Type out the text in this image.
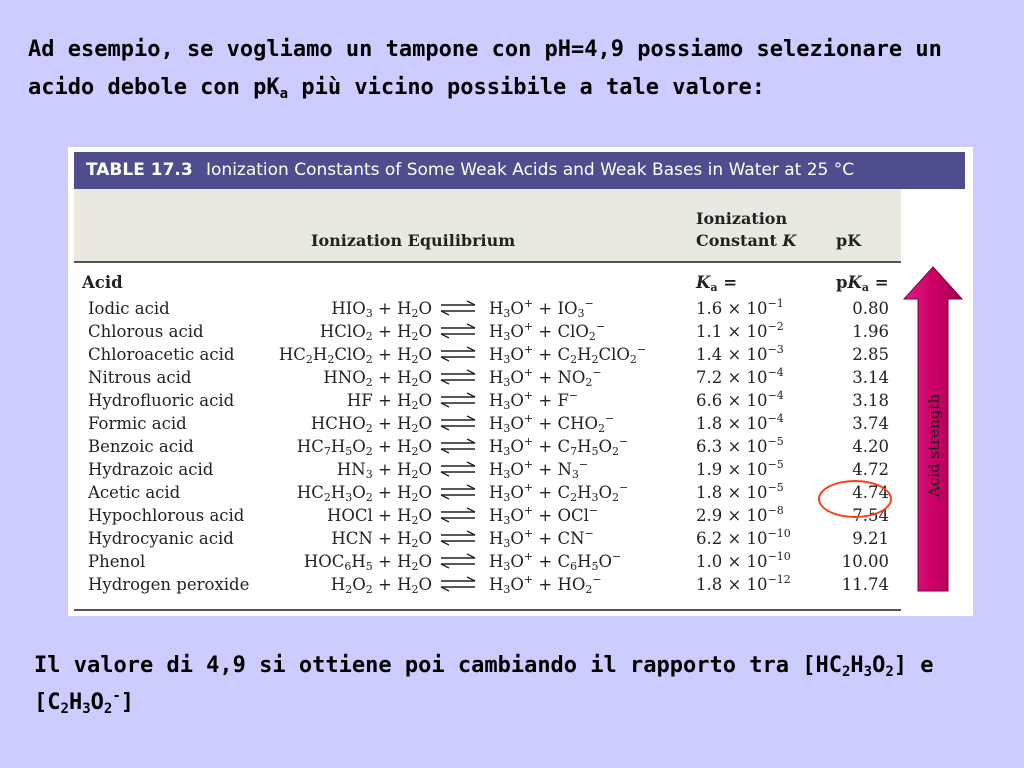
Ad esempio, se vogliamo un tampone con pH=4,9 possiamo selezionare un acido debole con $pK_a$ più vicino possibile a tale valore:

TABLE 17.3 Ionization Constants of Some Weak Acids and Weak Bases in Water at 25 °C
Ionization Equilibrium
Ionization
Constant K pK
Acid	$K_a$ =	$pK_a$ =
Iodic acid	$HIO_3 + H_2O$	$H_3O^+ + IO_3^-$	$1.6 \times 10^{-1}$	0.80
Chlorous acid	HClO$_2$ + $H_2O$	$H_3O^+ + ClO_2^-$	$1.1 \times 10^{-2}$	1.96
Chloroacetic acid	$HC_2H_2ClO_2 + H_2O$	$H_3O^+ + C_2H_2ClO_2^-$	$1.4 \times 10^{-3}$	2.85
Nitrous acid	$HNO_2 + H_2O$	$H_3O^+ + NO_2^-$	$7.2 \times 10^{-4}$	3.14
Hydrofluoric acid	HF + $H_2O$	$H_3O^+ + F^-$	$6.6 \times 10^{-4}$	3.18
Formic acid	$HCHO_2 + H_2O$	$H_3O^+ + CHO_2^-$	$1.8 \times 10^{-4}$	3.74
Benzoic acid	$HC_7H_5O_2 + H_2O$	$H_3O^+ + C_7H_5O_2^-$	$6.3 \times 10^{-5}$	4.20
Hydrazoic acid	$HN_3 + H_2O$	$H_3O^+ + N_3^-$	$1.9 \times 10^{-5}$	4.72
Acetic acid	$HC_2H_3O_2 + H_2O$	$H_3O^+ + C_2H_3O_2^-$	$1.8 \times 10^{-5}$	4.74
Hypochlorous acid	HOCl + $H_2O$	$H_3O^+ + OCl^-$	$2.9 \times 10^{-8}$	7.54
Hydrocyanic acid	HCN + $H_2O$	$H_3O^+ + CN^-$	$6.2 \times 10^{-10}$	9.21
Phenol	$HOC_6H_5 + H_2O$	$H_3O^+ + C_6H_5O^-$	$1.0 \times 10^{-10}$	10.00
Hydrogen peroxide	$H_2O_2 + H_2O$	$H_3O^+ + HO_2^-$	$1.8 \times 10^{-12}$	11.74
Acid strength

Il valore di 4,9 si ottiene poi cambiando il rapporto tra $[HC_2H_3O_2]$ e $[C_2H_3O_2^-]$
